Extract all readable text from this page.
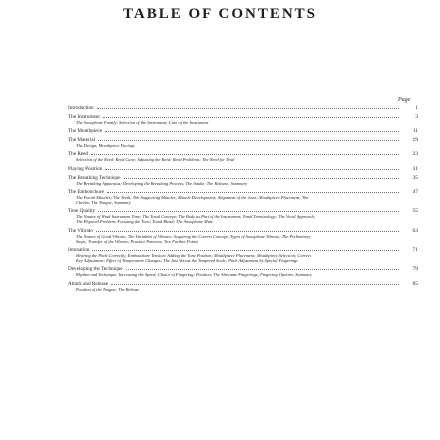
TABLE OF CONTENTS
Page
Introduction	1
The Instrument	3
The Saxophone Family; Selection of the Instrument; Care of the Instrument
The Mouthpiece	11
The Material	19
The Design; Mouthpiece Facings
The Reed	23
Selection of the Reed; Reed Cane; Adjusting the Reed; Reed Problems; The Need for Trial
Playing Position	31
The Breathing Technique	35
The Breathing Apparatus; Developing the Breathing Process; The Intake; The Release; Summary
The Embouchure	47
The Facial Muscles; The Teeth; The Supporting Muscles; Muscle Development; Alignment of the Jaws; Mouthpiece Placement; The Cheeks; The Tongue; Summary
Tone Quality	55
The Nature of Wind Instrument Tone; The Tonal Concept; The Body as Part of the Instrument; Tonal Terminology; The Vocal Approach; The Physical Problem; Focusing the Tone; Tonal Blend; The Saxophone Mute
The Vibrato	63
The Nature of Good Vibrato; The Variables of Vibrato; Acquiring the Correct Concept; Types of Saxophone Vibrato; The Preliminary Steps; Transfer of the Vibrato; Practice Patterns; Two Further Points
Intonation	71
Hearing the Pitch Correctly; Embouchure Tension; Adding the Tone Position; Mouthpiece Placement; Mouthpiece Selection; Correct Key Adjustment; Effect of Temperature Changes; The Just Versus the Tempered Scale; Pitch Adjustment by Special Fingerings
Developing the Technique	79
Rhythm and Technique; Increasing the Speed; Choice of Fingering; Position; The Alternate Fingerings; Fingering Options; Summary
Attack and Release	85
Position of the Tongue; The Release
